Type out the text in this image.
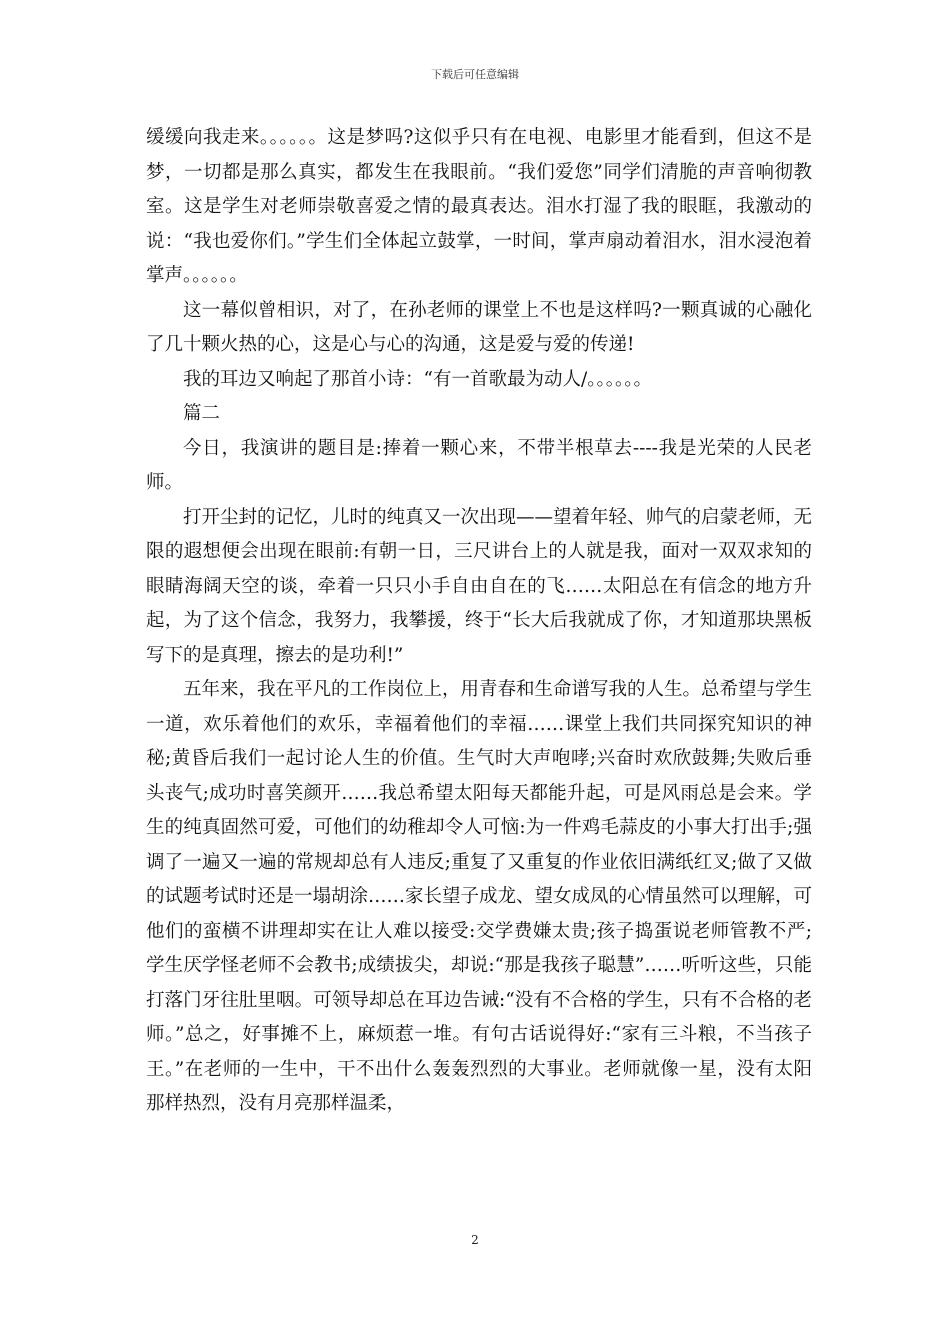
下载后可任意编辑

缓缓向我走来。。。。。。这是梦吗?这似乎只有在电视、电影里才能看到，但这不是梦，一切都是那么真实，都发生在我眼前。“我们爱您”同学们清脆的声音响彻教室。这是学生对老师崇敬喜爱之情的最真表达。泪水打湿了我的眼眶，我激动的说：“我也爱你们。”学生们全体起立鼓掌，一时间，掌声扇动着泪水，泪水浸泡着掌声。。。。。。

这一幕似曾相识，对了，在孙老师的课堂上不也是这样吗?一颗真诚的心融化了几十颗火热的心，这是心与心的沟通，这是爱与爱的传递!

我的耳边又响起了那首小诗：“有一首歌最为动人/。。。。。。

篇二

今日，我演讲的题目是:捧着一颗心来，不带半根草去----我是光荣的人民老师。

打开尘封的记忆，儿时的纯真又一次出现——望着年轻、帅气的启蒙老师，无限的遐想便会出现在眼前:有朝一日，三尺讲台上的人就是我，面对一双双求知的眼睛海阔天空的谈，牵着一只只小手自由自在的飞……太阳总在有信念的地方升起，为了这个信念，我努力，我攀援，终于“长大后我就成了你，才知道那块黑板写下的是真理，擦去的是功利!”

五年来，我在平凡的工作岗位上，用青春和生命谱写我的人生。总希望与学生一道，欢乐着他们的欢乐，幸福着他们的幸福……课堂上我们共同探究知识的神秘;黄昏后我们一起讨论人生的价值。生气时大声咆哮;兴奋时欢欣鼓舞;失败后垂头丧气;成功时喜笑颜开……我总希望太阳每天都能升起，可是风雨总是会来。学生的纯真固然可爱，可他们的幼稚却令人可恼:为一件鸡毛蒜皮的小事大打出手;强调了一遍又一遍的常规却总有人违反;重复了又重复的作业依旧满纸红叉;做了又做的试题考试时还是一塌胡涂……家长望子成龙、望女成凤的心情虽然可以理解，可他们的蛮横不讲理却实在让人难以接受:交学费嫌太贵;孩子捣蛋说老师管教不严;学生厌学怪老师不会教书;成绩拔尖，却说:“那是我孩子聪慧”……听听这些，只能打落门牙往肚里咽。可领导却总在耳边告诫:“没有不合格的学生，只有不合格的老师。”总之，好事摊不上，麻烦惹一堆。有句古话说得好:“家有三斗粮，不当孩子王。”在老师的一生中，干不出什么轰轰烈烈的大事业。老师就像一星，没有太阳那样热烈，没有月亮那样温柔，

2
